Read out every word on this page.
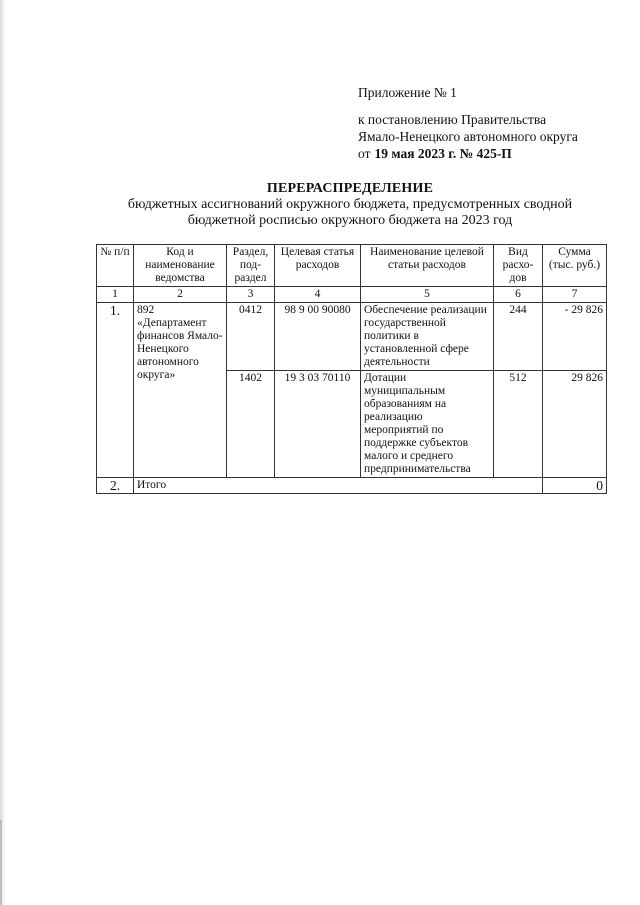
Приложение № 1
к постановлению Правительства
Ямало-Ненецкого автономного округа
от 19 мая 2023 г. № 425-П
ПЕРЕРАСПРЕДЕЛЕНИЕ
бюджетных ассигнований окружного бюджета, предусмотренных сводной
бюджетной росписью окружного бюджета на 2023 год
№ п/п	Код и наименование ведомства	Раздел, под-раздел	Целевая статья расходов	Наименование целевой статьи расходов	Вид расхо-дов	Сумма (тыс. руб.)
1	2	3	4	5	6	7
1.	892 «Департамент финансов Ямало-Ненецкого автономного округа»	0412	98 9 00 90080	Обеспечение реализации государственной политики в установленной сфере деятельности	244	- 29 826
		1402	19 3 03 70110	Дотации муниципальным образованиям на реализацию мероприятий по поддержке субъектов малого и среднего предпринимательства	512	29 826
2.	Итого					0
